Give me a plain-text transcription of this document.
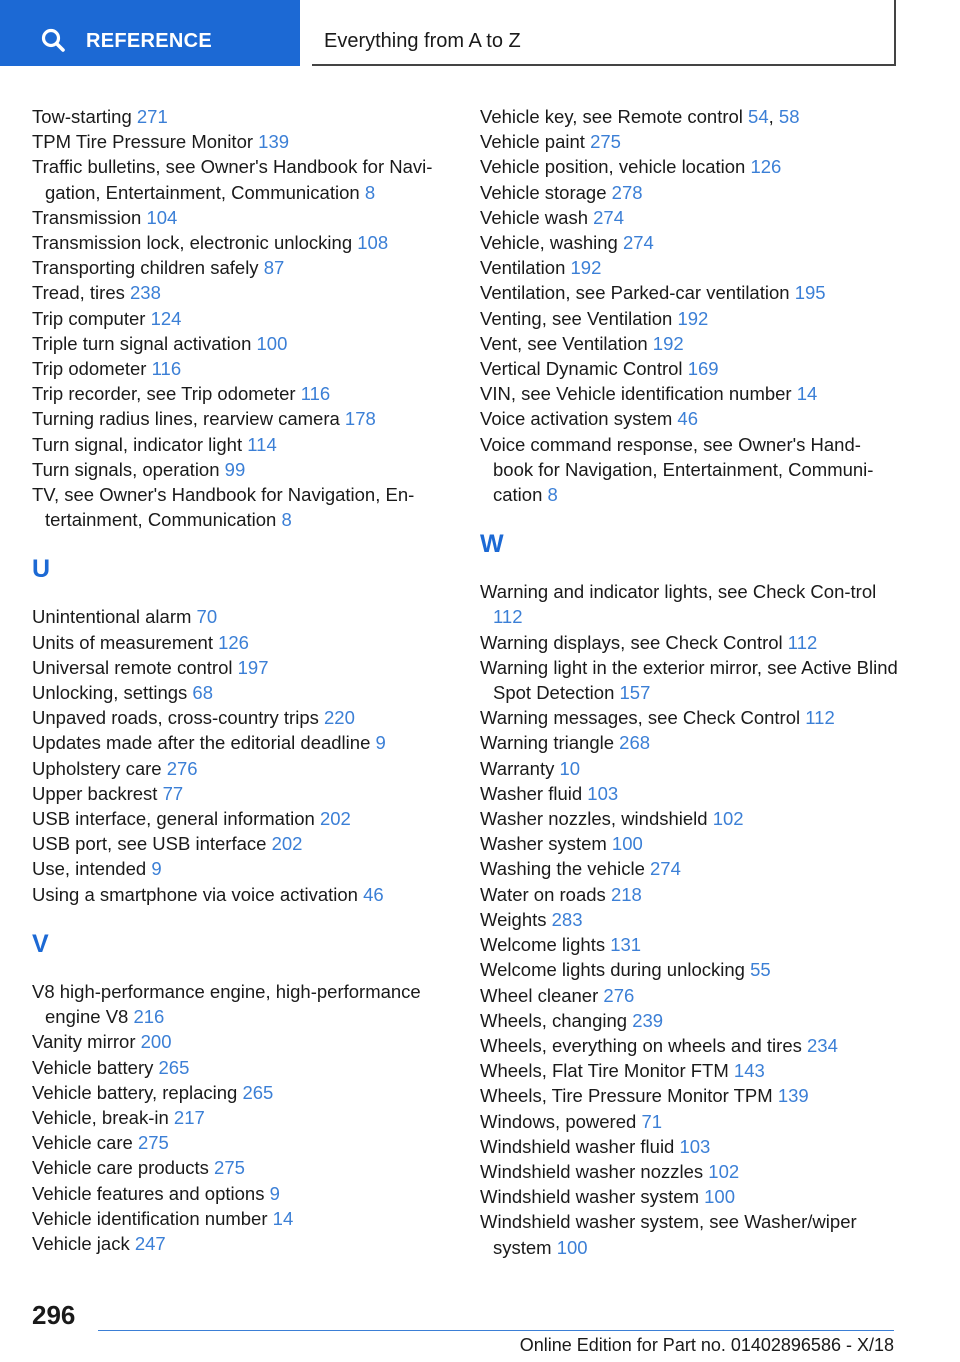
REFERENCE	Everything from A to Z

Tow-starting 271

TPM Tire Pressure Monitor 139

Traffic bulletins, see Owner's Handbook for Navi-gation, Entertainment, Communication 8

Transmission 104

Transmission lock, electronic unlocking 108

Transporting children safely 87

Tread, tires 238

Trip computer 124

Triple turn signal activation 100

Trip odometer 116

Trip recorder, see Trip odometer 116

Turning radius lines, rearview camera 178

Turn signal, indicator light 114

Turn signals, operation 99

TV, see Owner's Handbook for Navigation, En-tertainment, Communication 8

U

Unintentional alarm 70

Units of measurement 126

Universal remote control 197

Unlocking, settings 68

Unpaved roads, cross-country trips 220

Updates made after the editorial deadline 9

Upholstery care 276

Upper backrest 77

USB interface, general information 202

USB port, see USB interface 202

Use, intended 9

Using a smartphone via voice activation 46

V

V8 high-performance engine, high-performance engine V8 216

Vanity mirror 200

Vehicle battery 265

Vehicle battery, replacing 265

Vehicle, break-in 217

Vehicle care 275

Vehicle care products 275

Vehicle features and options 9

Vehicle identification number 14

Vehicle jack 247

Vehicle key, see Remote control 54, 58

Vehicle paint 275

Vehicle position, vehicle location 126

Vehicle storage 278

Vehicle wash 274

Vehicle, washing 274

Ventilation 192

Ventilation, see Parked-car ventilation 195

Venting, see Ventilation 192

Vent, see Ventilation 192

Vertical Dynamic Control 169

VIN, see Vehicle identification number 14

Voice activation system 46

Voice command response, see Owner's Hand-book for Navigation, Entertainment, Communi-cation 8

W

Warning and indicator lights, see Check Con-trol 112

Warning displays, see Check Control 112

Warning light in the exterior mirror, see Active Blind Spot Detection 157

Warning messages, see Check Control 112

Warning triangle 268

Warranty 10

Washer fluid 103

Washer nozzles, windshield 102

Washer system 100

Washing the vehicle 274

Water on roads 218

Weights 283

Welcome lights 131

Welcome lights during unlocking 55

Wheel cleaner 276

Wheels, changing 239

Wheels, everything on wheels and tires 234

Wheels, Flat Tire Monitor FTM 143

Wheels, Tire Pressure Monitor TPM 139

Windows, powered 71

Windshield washer fluid 103

Windshield washer nozzles 102

Windshield washer system 100

Windshield washer system, see Washer/wiper system 100

296
Online Edition for Part no. 01402896586 - X/18
